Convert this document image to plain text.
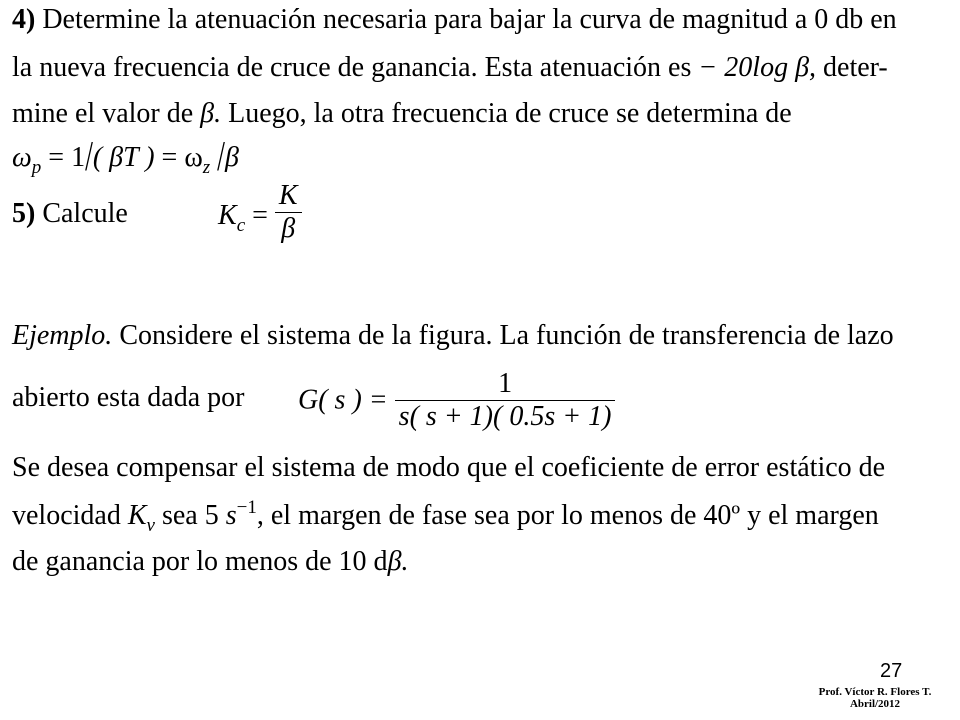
4) Determine la atenuación necesaria para bajar la curva de magnitud a 0 db en
la nueva frecuencia de cruce de ganancia. Esta atenuación es − 20log β, deter-
mine el valor de β. Luego, la otra frecuencia de cruce se determina de
$\omega_p = 1/$( βT ) = $\omega_z$ /β
5) Calcule	$K_c = \frac{K}{\beta}$
Ejemplo. Considere el sistema de la figura. La función de transferencia de lazo
abierto esta dada por G( s ) = $\frac{1}{s( s + 1)( 0.5s + 1)}$
Se desea compensar el sistema de modo que el coeficiente de error estático de
velocidad $K_v$ sea 5 $s^{-1}$, el margen de fase sea por lo menos de 40º y el margen
de ganancia por lo menos de 10 dβ.
27
Prof. Víctor R. Flores T.
Abril/2012
